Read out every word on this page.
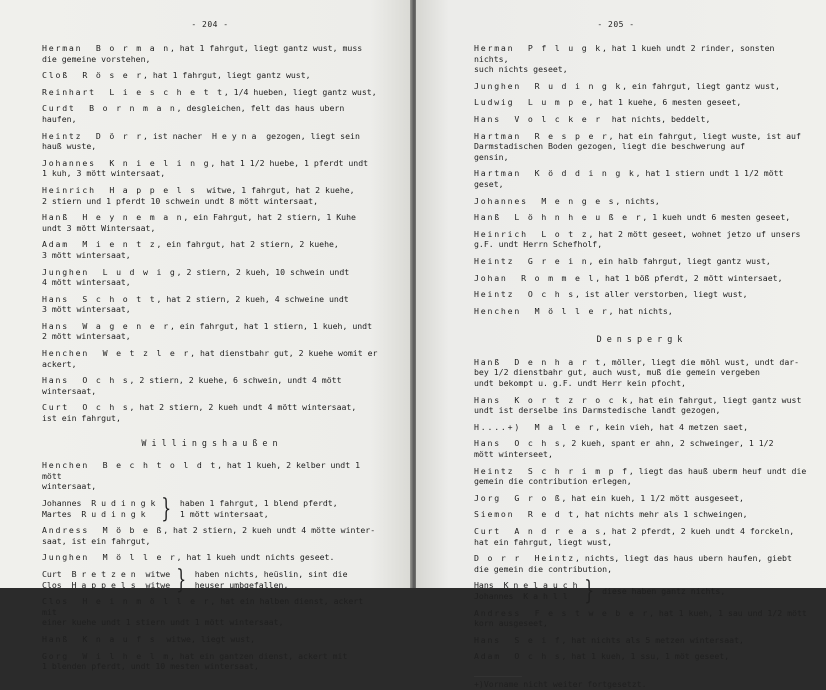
- 204 -
Herman  B o r m a n, hat 1 fahrgut, liegt gantz wust, muss
die gemeine vorstehen,
Cloß  R ö s e r, hat 1 fahrgut, liegt gantz wust,
Reinhart  L i e s c h e t t, 1/4 hueben, liegt gantz wust,
Curdt  B o r n m a n, desgleichen, felt das haus ubern haufen,
Heintz  D ö r r, ist nacher  H e y n a  gezogen, liegt sein
hauß wuste,
Johannes  K n i e l i n g, hat 1 1/2 huebe, 1 pferdt undt
1 kuh, 3 mött wintersaat,
Heinrich  H a p p e l s  witwe, 1 fahrgut, hat 2 kuehe,
2 stiern und 1 pferdt 10 schwein undt 8 mött wintersaat,
Hanß  H e y n e m a n, ein Fahrgut, hat 2 stiern, 1 Kuhe
undt 3 mött Wintersaat,
Adam  M i e n t z, ein fahrgut, hat 2 stiern, 2 kuehe,
3 mött wintersaat,
Junghen  L u d w i g, 2 stiern, 2 kueh, 10 schwein undt
4 mött wintersaat,
Hans  S c h o t t, hat 2 stiern, 2 kueh, 4 schweine undt
3 mött wintersaat,
Hans  W a g e n e r, ein fahrgut, hat 1 stiern, 1 kueh, undt
2 mött wintersaat,
Henchen  W e t z l e r, hat dienstbahr gut, 2 kuehe womit er
ackert,
Hans  O c h s, 2 stiern, 2 kuehe, 6 schwein, undt 4 mött
wintersaat,
Curt  O c h s, hat 2 stiern, 2 kueh undt 4 mött wintersaat,
ist ein fahrgut,
Willingshaußen
Henchen  B e c h t o l d t, hat 1 kueh, 2 kelber undt 1 mött
wintersaat,
Johannes  R u d i n g k
Martes  R u d i n g k } haben 1 fahrgut, 1 blend pferdt,
1 mött wintersaat,
Andress  M ö b e ß, hat 2 stiern, 2 kueh undt 4 mötte winter-
saat, ist ein fahrgut,
Junghen  M ö l l e r, hat 1 kueh undt nichts geseet.
Curt  B r e t z e n  witwe
Clos  H a p p e l s  witwe } haben nichts, heüslin, sint die
heuser umbgefallen,
Clos  H e i n m ö l l e r, hat ein halben dienst, ackert mit
einer kuehe undt 1 stiern undt 1 mött wintersaat,
Hanß  K n a u f s  witwe, liegt wust,
Gorg  W i l h e l m, hat ein gantzen dienst, ackert mit
1 blenden pferdt, undt 10 mesten wintersaat,
- 205 -
Herman  P f l u g k, hat 1 kueh undt 2 rinder, sonsten nichts,
such nichts geseet,
Junghen  R u d i n g k, ein fahrgut, liegt gantz wust,
Ludwig  L u m p e, hat 1 kuehe, 6 mesten geseet,
Hans  V o l c k e r  hat nichts, beddelt,
Hartman  R e s p e r, hat ein fahrgut, liegt wuste, ist auf
Darmstadischen Boden gezogen, liegt die beschwerung auf
gensin,
Hartman  K ö d d i n g k, hat 1 stiern undt 1 1/2 mött geset,
Johannes  M e n g e s, nichts,
Hanß  L ö h n h e u ß e r, 1 kueh undt 6 mesten geseet,
Heinrich  L o t z, hat 2 mött geseet, wohnet jetzo uf unsers
g.F. undt Herrn Schefholf,
Heintz  G r e i n, ein halb fahrgut, liegt gantz wust,
Johan  R o m m e l, hat 1 böß pferdt, 2 mött wintersaet,
Heintz  O c h s, ist aller verstorben, liegt wust,
Henchen  M ö l l e r, hat nichts,
Denspergk
Hanß  D e n h a r t, möller, liegt die möhl wust, undt dar-
bey 1/2 dienstbahr gut, auch wust, muß die gemein vergeben
undt bekompt u. g.F. undt Herr kein pfocht,
Hans  K o r t z r o c k, hat ein fahrgut, liegt gantz wust
undt ist derselbe ins Darmstedische landt gezogen,
H....+)  M a l e r, kein vieh, hat 4 metzen saet,
Hans  O c h s, 2 kueh, spant er ahn, 2 schweinger, 1 1/2
mött winterseet,
Heintz  S c h r i m p f, liegt das hauß uberm heuf undt die
gemein die contribution erlegen,
Jorg  G r o ß, hat ein kueh, 1 1/2 mött ausgeseet,
Siemon  R e d t, hat nichts mehr als 1 schweingen,
Curt  A n d r e a s, hat 2 pferdt, 2 kueh undt 4 forckeln,
hat ein fahrgut, liegt wust,
D o r r  Heintz, nichts, liegt das haus ubern haufen, giebt
die gemein die contribution,
Hans  K n e l a u c h
Johannes  K a h l l } diese haben gantz nichts,
Andress  F e s t w e b e r, hat 1 kueh, 1 sau und 1/2 mött
korn ausgeseet,
Hans  S e i f, hat nichts als 5 metzen wintersaat,
Adam  O c h s, hat 1 kueh, 1 ssu, 1 möt geseet,
+)Vorname nicht weiter fortgesetzt.
